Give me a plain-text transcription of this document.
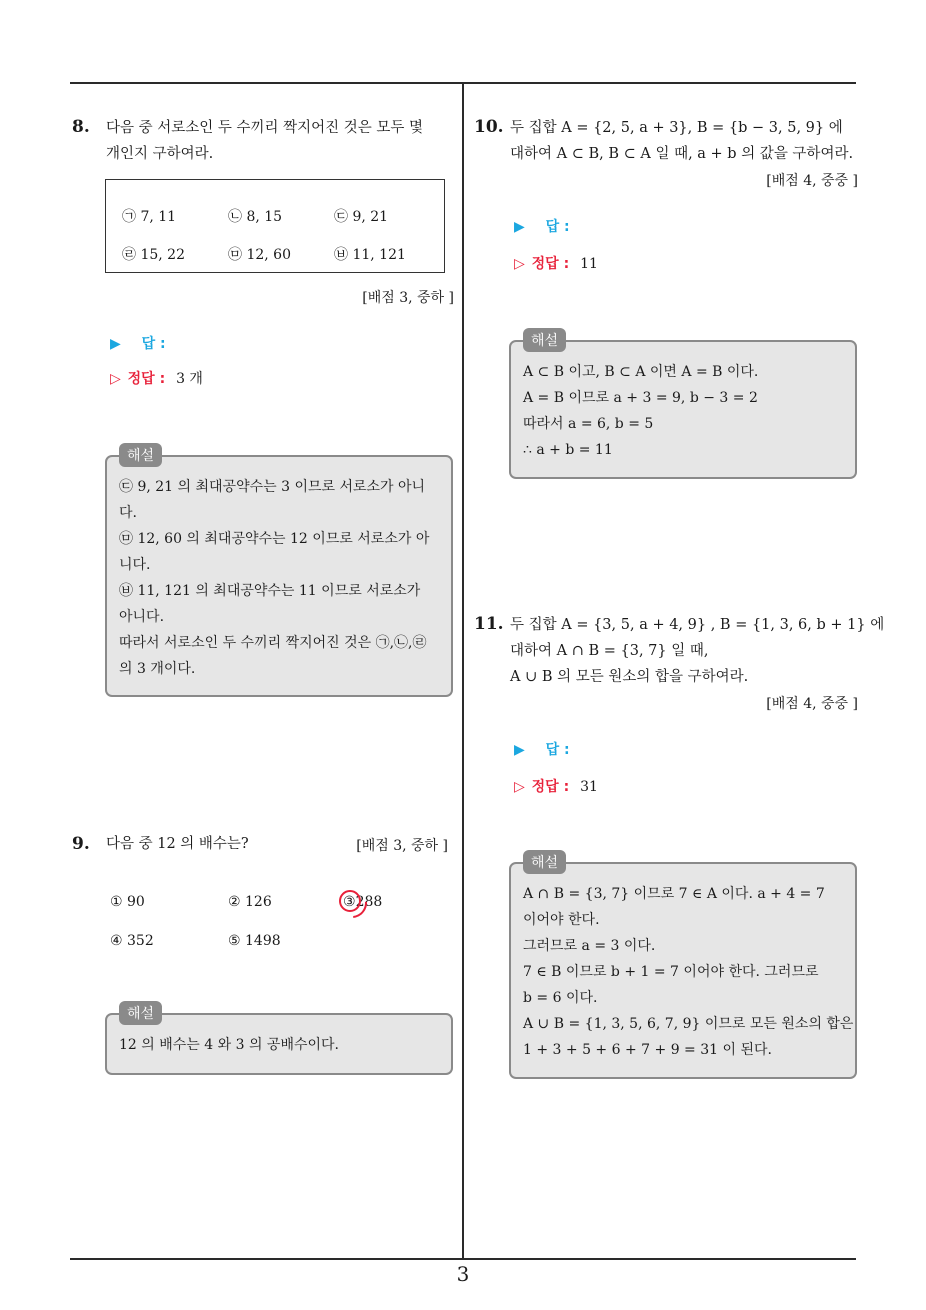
3
8. 다음 중 서로소인 두 수끼리 짝지어진 것은 모두 몇
개인지 구하여라.
㉠ 7, 11	㉡ 8, 15	㉢ 9, 21
㉣ 15, 22	㉤ 12, 60	㉥ 11, 121
[배점 3, 중하 ]
▶ 답 :
▷ 정답 : 3 개
해설
㉢ 9, 21 의 최대공약수는 3 이므로 서로소가 아니
다.
㉤ 12, 60 의 최대공약수는 12 이므로 서로소가 아
니다.
㉥ 11, 121 의 최대공약수는 11 이므로 서로소가
아니다.
따라서 서로소인 두 수끼리 짝지어진 것은 ㉠,㉡,㉣
의 3 개이다.
9. 다음 중 12 의 배수는?	[배점 3, 중하 ]
① 90	② 126	③288
④ 352	⑤ 1498
해설
12 의 배수는 4 와 3 의 공배수이다.
10. 두 집합 A = {2, 5, a + 3}, B = {b − 3, 5, 9} 에
대하여 A ⊂ B, B ⊂ A 일 때, a + b 의 값을 구하여라.
[배점 4, 중중 ]
▶ 답 :
▷ 정답 : 11
해설
A ⊂ B 이고, B ⊂ A 이면 A = B 이다.
A = B 이므로 a + 3 = 9, b − 3 = 2
따라서 a = 6, b = 5
∴ a + b = 11
11. 두 집합 A = {3, 5, a + 4, 9} , B = {1, 3, 6, b + 1} 에
대하여 A ∩ B = {3, 7} 일 때,
A ∪ B 의 모든 원소의 합을 구하여라.
[배점 4, 중중 ]
▶ 답 :
▷ 정답 : 31
해설
A ∩ B = {3, 7} 이므로 7 ∈ A 이다. a + 4 = 7
이어야 한다.
그러므로 a = 3 이다.
7 ∈ B 이므로 b + 1 = 7 이어야 한다. 그러므로
b = 6 이다.
A ∪ B = {1, 3, 5, 6, 7, 9} 이므로 모든 원소의 합은
1 + 3 + 5 + 6 + 7 + 9 = 31 이 된다.
